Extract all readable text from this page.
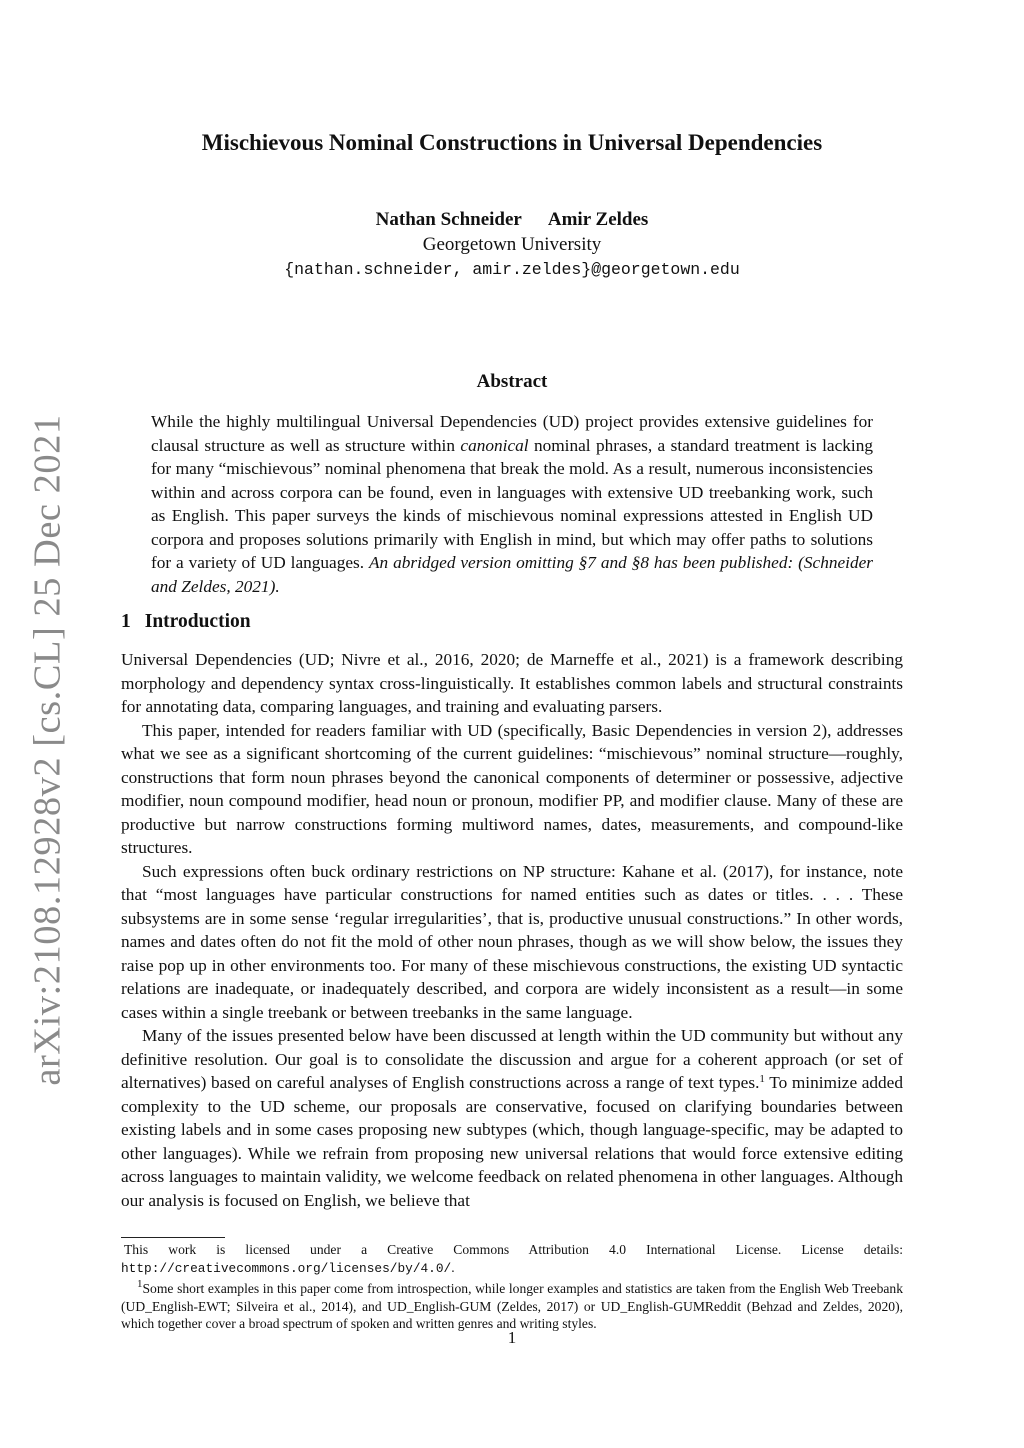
arXiv:2108.12928v2 [cs.CL] 25 Dec 2021
Mischievous Nominal Constructions in Universal Dependencies
Nathan Schneider Amir Zeldes
Georgetown University
{nathan.schneider, amir.zeldes}@georgetown.edu
Abstract

While the highly multilingual Universal Dependencies (UD) project provides extensive guidelines for clausal structure as well as structure within canonical nominal phrases, a standard treatment is lacking for many “mischievous” nominal phenomena that break the mold. As a result, numerous inconsistencies within and across corpora can be found, even in languages with extensive UD treebanking work, such as English. This paper surveys the kinds of mischievous nominal expressions attested in English UD corpora and proposes solutions primarily with English in mind, but which may offer paths to solutions for a variety of UD languages. An abridged version omitting §7 and §8 has been published: (Schneider and Zeldes, 2021).

1 Introduction

Universal Dependencies (UD; Nivre et al., 2016, 2020; de Marneffe et al., 2021) is a framework describing morphology and dependency syntax cross-linguistically. It establishes common labels and structural constraints for annotating data, comparing languages, and training and evaluating parsers.

This paper, intended for readers familiar with UD (specifically, Basic Dependencies in version 2), addresses what we see as a significant shortcoming of the current guidelines: “mischievous” nominal structure—roughly, constructions that form noun phrases beyond the canonical components of determiner or possessive, adjective modifier, noun compound modifier, head noun or pronoun, modifier PP, and modifier clause. Many of these are productive but narrow constructions forming multiword names, dates, measurements, and compound-like structures.

Such expressions often buck ordinary restrictions on NP structure: Kahane et al. (2017), for instance, note that “most languages have particular constructions for named entities such as dates or titles. . . . These subsystems are in some sense ‘regular irregularities’, that is, productive unusual constructions.” In other words, names and dates often do not fit the mold of other noun phrases, though as we will show below, the issues they raise pop up in other environments too. For many of these mischievous constructions, the existing UD syntactic relations are inadequate, or inadequately described, and corpora are widely inconsistent as a result—in some cases within a single treebank or between treebanks in the same language.

Many of the issues presented below have been discussed at length within the UD community but without any definitive resolution. Our goal is to consolidate the discussion and argue for a coherent approach (or set of alternatives) based on careful analyses of English constructions across a range of text types.$^1$ To minimize added complexity to the UD scheme, our proposals are conservative, focused on clarifying boundaries between existing labels and in some cases proposing new subtypes (which, though language-specific, may be adapted to other languages). While we refrain from proposing new universal relations that would force extensive editing across languages to maintain validity, we welcome feedback on related phenomena in other languages. Although our analysis is focused on English, we believe that

This work is licensed under a Creative Commons Attribution 4.0 International License. License details: http://creativecommons.org/licenses/by/4.0/.

$^1$Some short examples in this paper come from introspection, while longer examples and statistics are taken from the English Web Treebank (UD_English-EWT; Silveira et al., 2014), and UD_English-GUM (Zeldes, 2017) or UD_English-GUMReddit (Behzad and Zeldes, 2020), which together cover a broad spectrum of spoken and written genres and writing styles.

1
